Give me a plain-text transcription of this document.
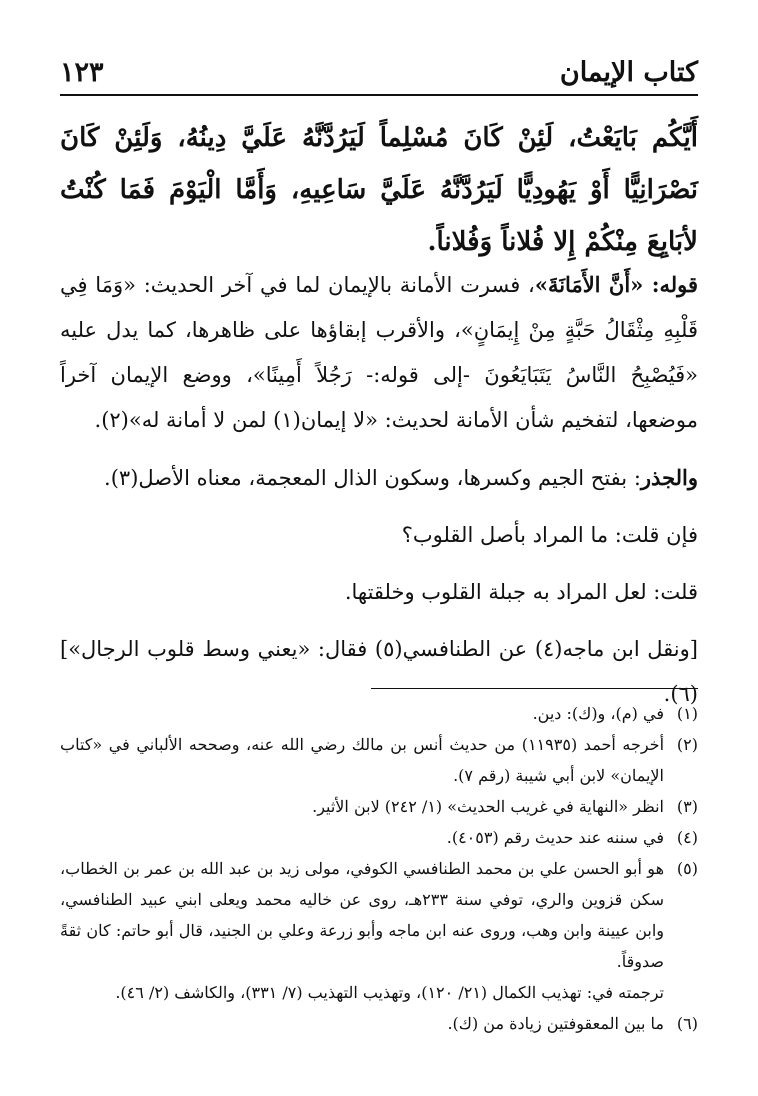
كتاب الإيمان
١٢٣
أَيَّكُم بَايَعْتُ، لَئِنْ كَانَ مُسْلِماً لَيَرُدَّنَّهُ عَلَيَّ دِينُهُ، وَلَئِنْ كَانَ نَصْرَانِيًّا أَوْ يَهُودِيًّا لَيَرُدَّنَّهُ عَلَيَّ سَاعِيهِ، وَأَمَّا الْيَوْمَ فَمَا كُنْتُ لأبَايِعَ مِنْكُمْ إِلا فُلاناً وَفُلاناً.

قوله: «أَنَّ الأَمَانَةَ»، فسرت الأمانة بالإيمان لما في آخر الحديث: «وَمَا فِي قَلْبِهِ مِثْقَالُ حَبَّةٍ مِنْ إِيمَانٍ»، والأقرب إبقاؤها على ظاهرها، كما يدل عليه «فَيُصْبِحُ النَّاسُ يَتَبَايَعُونَ -إلى قوله:- رَجُلاً أَمِينًا»، ووضع الإيمان آخراً موضعها، لتفخيم شأن الأمانة لحديث: «لا إيمان(١) لمن لا أمانة له»(٢).

والجذر: بفتح الجيم وكسرها، وسكون الذال المعجمة، معناه الأصل(٣).

فإن قلت: ما المراد بأصل القلوب؟

قلت: لعل المراد به جبلة القلوب وخلقتها.

[ونقل ابن ماجه(٤) عن الطنافسي(٥) فقال: «يعني وسط قلوب الرجال»](٦).

(١)
في (م)، و(ك): دين.
(٢)
أخرجه أحمد (١١٩٣٥) من حديث أنس بن مالك رضي الله عنه، وصححه الألباني في «كتاب الإيمان» لابن أبي شيبة (رقم ٧).
(٣)
انظر «النهاية في غريب الحديث» (١/ ٢٤٢) لابن الأثير.
(٤)
في سننه عند حديث رقم (٤٠٥٣).
(٥)
هو أبو الحسن علي بن محمد الطنافسي الكوفي، مولى زيد بن عبد الله بن عمر بن الخطاب، سكن قزوين والري، توفي سنة ٢٣٣هـ، روى عن خاليه محمد ويعلى ابني عبيد الطنافسي، وابن عيينة وابن وهب، وروى عنه ابن ماجه وأبو زرعة وعلي بن الجنيد، قال أبو حاتم: كان ثقةً صدوقاً.
ترجمته في: تهذيب الكمال (٢١/ ١٢٠)، وتهذيب التهذيب (٧/ ٣٣١)، والكاشف (٢/ ٤٦).
(٦)
ما بين المعقوفتين زيادة من (ك).
